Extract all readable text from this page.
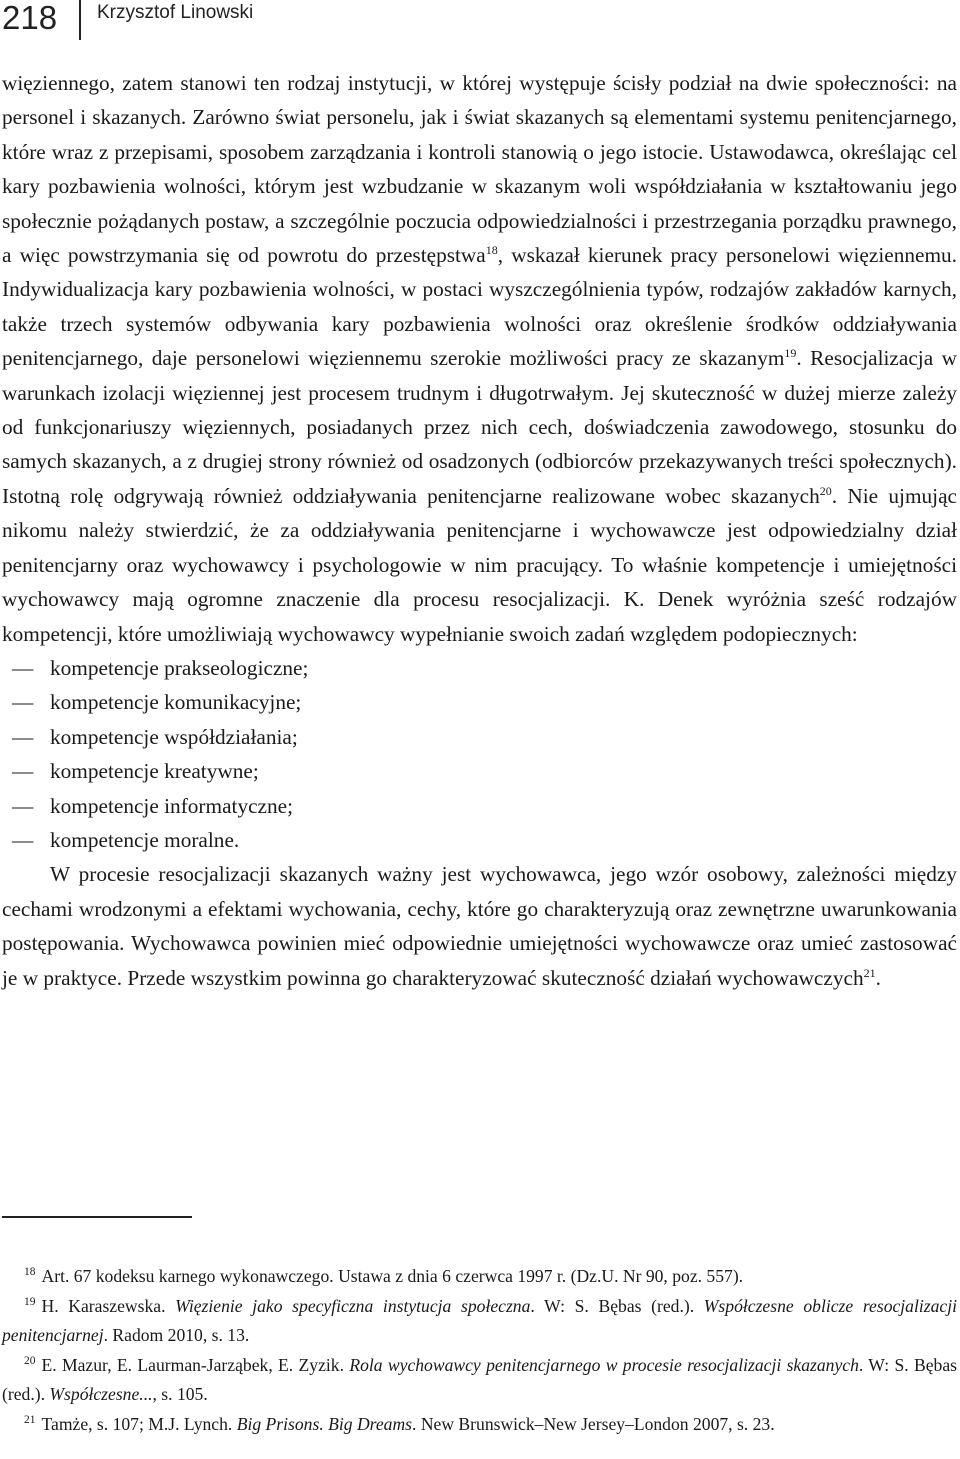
218 Krzysztof Linowski

więziennego, zatem stanowi ten rodzaj instytucji, w której występuje ścisły podział na dwie społeczności: na personel i skazanych. Zarówno świat personelu, jak i świat skazanych są elementami systemu penitencjarnego, które wraz z przepisami, sposobem zarządzania i kontroli stanowią o jego istocie. Ustawodawca, określając cel kary pozbawienia wolności, którym jest wzbudzanie w skazanym woli współdziałania w kształtowaniu jego społecznie pożądanych postaw, a szczególnie poczucia odpowiedzialności i przestrzegania porządku prawnego, a więc powstrzymania się od powrotu do przestępstwa$^{18}$, wskazał kierunek pracy personelowi więziennemu. Indywidualizacja kary pozbawienia wolności, w postaci wyszczególnienia typów, rodzajów zakładów karnych, także trzech systemów odbywania kary pozbawienia wolności oraz określenie środków oddziaływania penitencjarnego, daje personelowi więziennemu szerokie możliwości pracy ze skazanym$^{19}$. Resocjalizacja w warunkach izolacji więziennej jest procesem trudnym i długotrwałym. Jej skuteczność w dużej mierze zależy od funkcjonariuszy więziennych, posiadanych przez nich cech, doświadczenia zawodowego, stosunku do samych skazanych, a z drugiej strony również od osadzonych (odbiorców przekazywanych treści społecznych). Istotną rolę odgrywają również oddziaływania penitencjarne realizowane wobec skazanych$^{20}$. Nie ujmując nikomu należy stwierdzić, że za oddziaływania penitencjarne i wychowawcze jest odpowiedzialny dział penitencjarny oraz wychowawcy i psychologowie w nim pracujący. To właśnie kompetencje i umiejętności wychowawcy mają ogromne znaczenie dla procesu resocjalizacji. K. Denek wyróżnia sześć rodzajów kompetencji, które umożliwiają wychowawcy wypełnianie swoich zadań względem podopiecznych:

— kompetencje prakseologiczne;
— kompetencje komunikacyjne;
— kompetencje współdziałania;
— kompetencje kreatywne;
— kompetencje informatyczne;
— kompetencje moralne.

W procesie resocjalizacji skazanych ważny jest wychowawca, jego wzór osobowy, zależności między cechami wrodzonymi a efektami wychowania, cechy, które go charakteryzują oraz zewnętrzne uwarunkowania postępowania. Wychowawca powinien mieć odpowiednie umiejętności wychowawcze oraz umieć zastosować je w praktyce. Przede wszystkim powinna go charakteryzować skuteczność działań wychowawczych$^{21}$.

$^{18}$ Art. 67 kodeksu karnego wykonawczego. Ustawa z dnia 6 czerwca 1997 r. (Dz.U. Nr 90, poz. 557).

$^{19}$ H. Karaszewska. Więzienie jako specyficzna instytucja społeczna. W: S. Bębas (red.). Współczesne oblicze resocjalizacji penitencjarnej. Radom 2010, s. 13.

$^{20}$ E. Mazur, E. Laurman-Jarząbek, E. Zyzik. Rola wychowawcy penitencjarnego w procesie resocjalizacji skazanych. W: S. Bębas (red.). Współczesne..., s. 105.

$^{21}$ Tamże, s. 107; M.J. Lynch. Big Prisons. Big Dreams. New Brunswick–New Jersey–London 2007, s. 23.
